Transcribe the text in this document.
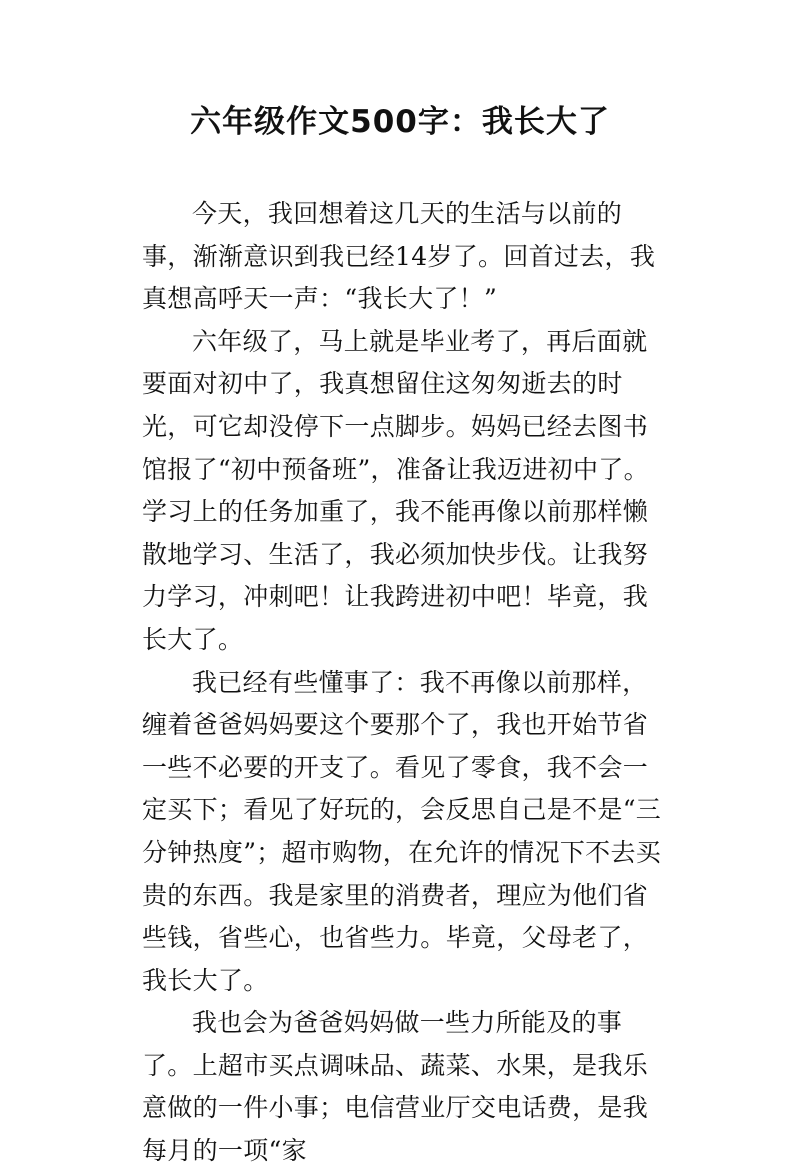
六年级作文500字：我长大了

今天，我回想着这几天的生活与以前的事，渐渐意识到我已经14岁了。回首过去，我真想高呼天一声：“我长大了！”

六年级了，马上就是毕业考了，再后面就要面对初中了，我真想留住这匆匆逝去的时光，可它却没停下一点脚步。妈妈已经去图书馆报了“初中预备班”，准备让我迈进初中了。学习上的任务加重了，我不能再像以前那样懒散地学习、生活了，我必须加快步伐。让我努力学习，冲刺吧！让我跨进初中吧！毕竟，我长大了。

我已经有些懂事了：我不再像以前那样，缠着爸爸妈妈要这个要那个了，我也开始节省一些不必要的开支了。看见了零食，我不会一定买下；看见了好玩的，会反思自己是不是“三分钟热度”；超市购物，在允许的情况下不去买贵的东西。我是家里的消费者，理应为他们省些钱，省些心，也省些力。毕竟，父母老了，我长大了。

我也会为爸爸妈妈做一些力所能及的事了。上超市买点调味品、蔬菜、水果，是我乐意做的一件小事；电信营业厅交电话费，是我每月的一项“家
